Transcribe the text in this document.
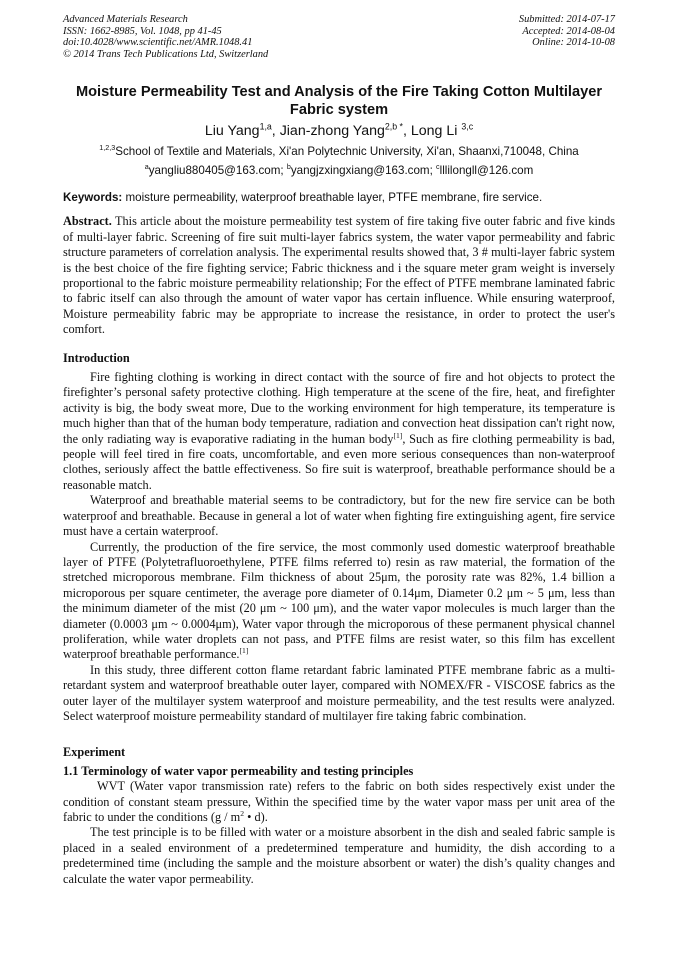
Advanced Materials Research
ISSN: 1662-8985, Vol. 1048, pp 41-45
doi:10.4028/www.scientific.net/AMR.1048.41
© 2014 Trans Tech Publications Ltd, Switzerland
Submitted: 2014-07-17
Accepted: 2014-08-04
Online: 2014-10-08
Moisture Permeability Test and Analysis of the Fire Taking Cotton Multilayer Fabric system
Liu Yang$^{1,a}$, Jian-zhong Yang$^{2,b *}$, Long Li $^{3,c}$
$^{1,2,3}$School of Textile and Materials, Xi'an Polytechnic University, Xi'an, Shaanxi,710048, China
$^a$yangliu880405@163.com; $^b$yangjzxingxiang@163.com; $^c$lllilongll@126.com
Keywords: moisture permeability, waterproof breathable layer, PTFE membrane, fire service.
Abstract. This article about the moisture permeability test system of fire taking five outer fabric and five kinds of multi-layer fabric. Screening of fire suit multi-layer fabrics system, the water vapor permeability and fabric structure parameters of correlation analysis. The experimental results showed that, 3 # multi-layer fabric system is the best choice of the fire fighting service; Fabric thickness and i the square meter gram weight is inversely proportional to the fabric moisture permeability relationship; For the effect of PTFE membrane laminated fabric to fabric itself can also through the amount of water vapor has certain influence. While ensuring waterproof, Moisture permeability fabric may be appropriate to increase the resistance, in order to protect the user's comfort.
Introduction

Fire fighting clothing is working in direct contact with the source of fire and hot objects to protect the firefighter’s personal safety protective clothing. High temperature at the scene of the fire, heat, and firefighter activity is big, the body sweat more, Due to the working environment for high temperature, its temperature is much higher than that of the human body temperature, radiation and convection heat dissipation can't right now, the only radiating way is evaporative radiating in the human body[1], Such as fire clothing permeability is bad, people will feel tired in fire coats, uncomfortable, and even more serious consequences than non-waterproof clothes, seriously affect the battle effectiveness. So fire suit is waterproof, breathable performance should be a reasonable match.

Waterproof and breathable material seems to be contradictory, but for the new fire service can be both waterproof and breathable. Because in general a lot of water when fighting fire extinguishing agent, fire service must have a certain waterproof.

Currently, the production of the fire service, the most commonly used domestic waterproof breathable layer of PTFE (Polytetrafluoroethylene, PTFE films referred to) resin as raw material, the formation of the stretched microporous membrane. Film thickness of about 25μm, the porosity rate was 82%, 1.4 billion a microporous per square centimeter, the average pore diameter of 0.14μm, Diameter 0.2 μm ~ 5 μm, less than the minimum diameter of the mist (20 μm ~ 100 μm), and the water vapor molecules is much larger than the diameter (0.0003 μm ~ 0.0004μm), Water vapor through the microporous of these permanent physical channel proliferation, while water droplets can not pass, and PTFE films are resist water, so this film has excellent waterproof breathable performance.[1]

In this study, three different cotton flame retardant fabric laminated PTFE membrane fabric as a multi-retardant system and waterproof breathable outer layer, compared with NOMEX/FR - VISCOSE fabrics as the outer layer of the multilayer system waterproof and moisture permeability, and the test results were analyzed. Select waterproof moisture permeability standard of multilayer fire taking fabric combination.

Experiment
1.1 Terminology of water vapor permeability and testing principles

WVT (Water vapor transmission rate) refers to the fabric on both sides respectively exist under the condition of constant steam pressure, Within the specified time by the water vapor mass per unit area of the fabric to under the conditions ($g / m^2$ • d).

The test principle is to be filled with water or a moisture absorbent in the dish and sealed fabric sample is placed in a sealed environment of a predetermined temperature and humidity, the dish according to a predetermined time (including the sample and the moisture absorbent or water) the dish’s quality changes and calculate the water vapor permeability.
